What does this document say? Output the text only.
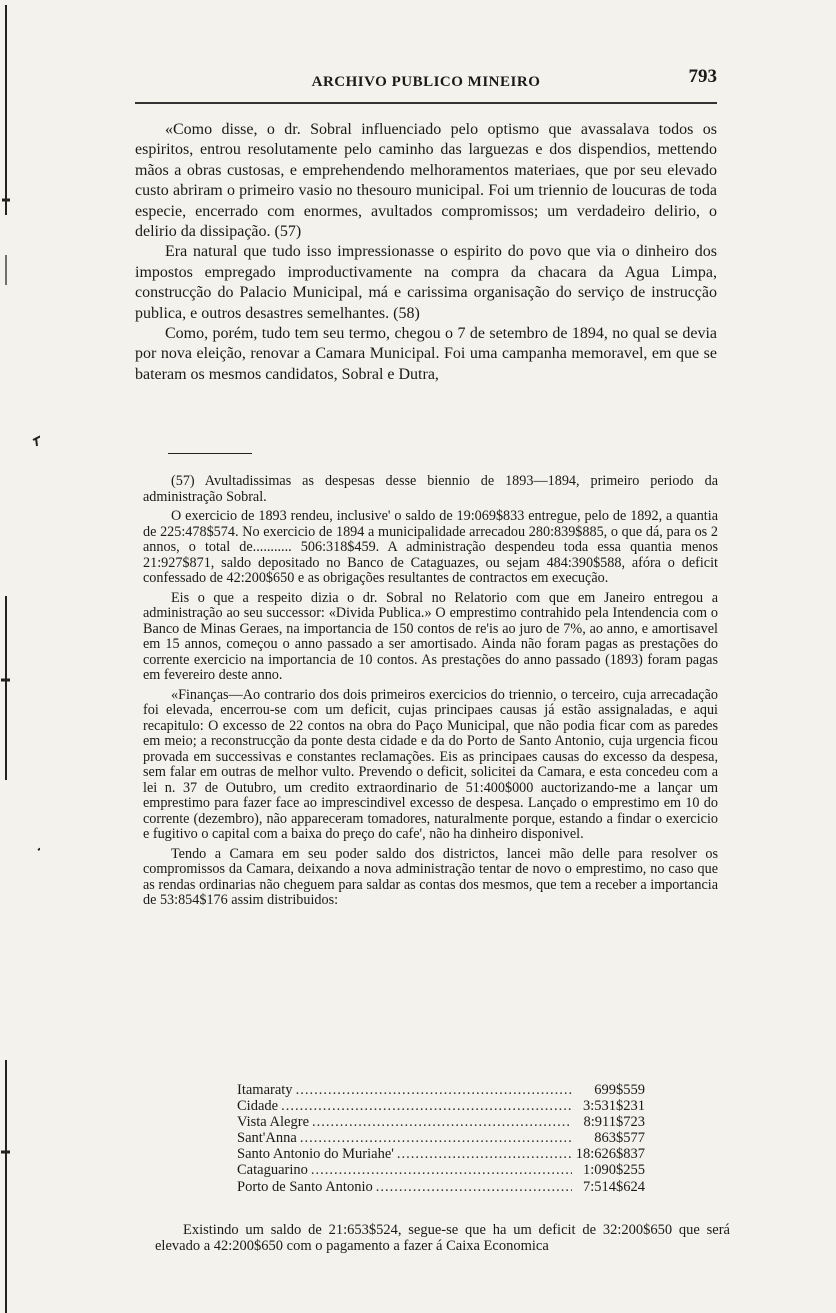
ARCHIVO PUBLICO MINEIRO	793

«Como disse, o dr. Sobral influenciado pelo optismo que avassalava todos os espiritos, entrou resolutamente pelo caminho das larguezas e dos dispendios, mettendo mãos a obras custosas, e emprehendendo melhoramentos materiaes, que por seu elevado custo abriram o primeiro vasio no thesouro municipal. Foi um triennio de loucuras de toda especie, encerrado com enormes, avultados compromissos; um verdadeiro delirio, o delirio da dissipação. (57)

Era natural que tudo isso impressionasse o espirito do povo que via o dinheiro dos impostos empregado improductivamente na compra da chacara da Agua Limpa, construcção do Palacio Municipal, má e carissima organisação do serviço de instrucção publica, e outros desastres semelhantes. (58)

Como, porém, tudo tem seu termo, chegou o 7 de setembro de 1894, no qual se devia por nova eleição, renovar a Camara Municipal. Foi uma campanha memoravel, em que se bateram os mesmos candidatos, Sobral e Dutra,

(57) Avultadissimas as despesas desse biennio de 1893—1894, primeiro periodo da administração Sobral.

O exercicio de 1893 rendeu, inclusive' o saldo de 19:069$833 entregue, pelo de 1892, a quantia de 225:478$574. No exercicio de 1894 a municipalidade arrecadou 280:839$885, o que dá, para os 2 annos, o total de........... 506:318$459. A administração despendeu toda essa quantia menos 21:927$871, saldo depositado no Banco de Cataguazes, ou sejam 484:390$588, afóra o deficit confessado de 42:200$650 e as obrigações resultantes de contractos em execução.

Eis o que a respeito dizia o dr. Sobral no Relatorio com que em Janeiro entregou a administração ao seu successor: «Divida Publica.» O emprestimo contrahido pela Intendencia com o Banco de Minas Geraes, na importancia de 150 contos de re'is ao juro de 7%, ao anno, e amortisavel em 15 annos, começou o anno passado a ser amortisado. Ainda não foram pagas as prestações do corrente exercicio na importancia de 10 contos. As prestações do anno passado (1893) foram pagas em fevereiro deste anno.

«Finanças—Ao contrario dos dois primeiros exercicios do triennio, o terceiro, cuja arrecadação foi elevada, encerrou-se com um deficit, cujas principaes causas já estão assignaladas, e aqui recapitulo: O excesso de 22 contos na obra do Paço Municipal, que não podia ficar com as paredes em meio; a reconstrucção da ponte desta cidade e da do Porto de Santo Antonio, cuja urgencia ficou provada em successivas e constantes reclamações. Eis as principaes causas do excesso da despesa, sem falar em outras de melhor vulto. Prevendo o deficit, solicitei da Camara, e esta concedeu com a lei n. 37 de Outubro, um credito extraordinario de 51:400$000 auctorizando-me a lançar um emprestimo para fazer face ao imprescindivel excesso de despesa. Lançado o emprestimo em 10 do corrente (dezembro), não appareceram tomadores, naturalmente porque, estando a findar o exercicio e fugitivo o capital com a baixa do preço do cafe', não ha dinheiro disponivel.

Tendo a Camara em seu poder saldo dos districtos, lancei mão delle para resolver os compromissos da Camara, deixando a nova administração tentar de novo o emprestimo, no caso que as rendas ordinarias não cheguem para saldar as contas dos mesmos, que tem a receber a importancia de 53:854$176 assim distribuidos:

Itamaraty .....	699$559
Cidade .....	3:531$231
Vista Alegre .....	8:911$723
Sant'Anna .....	863$577
Santo Antonio do Muriahe' .....	18:626$837
Cataguarino .....	1:090$255
Porto de Santo Antonio .....	7:514$624
Existindo um saldo de 21:653$524, segue-se que ha um deficit de 32:200$650 que será elevado a 42:200$650 com o pagamento a fazer á Caixa Economica
